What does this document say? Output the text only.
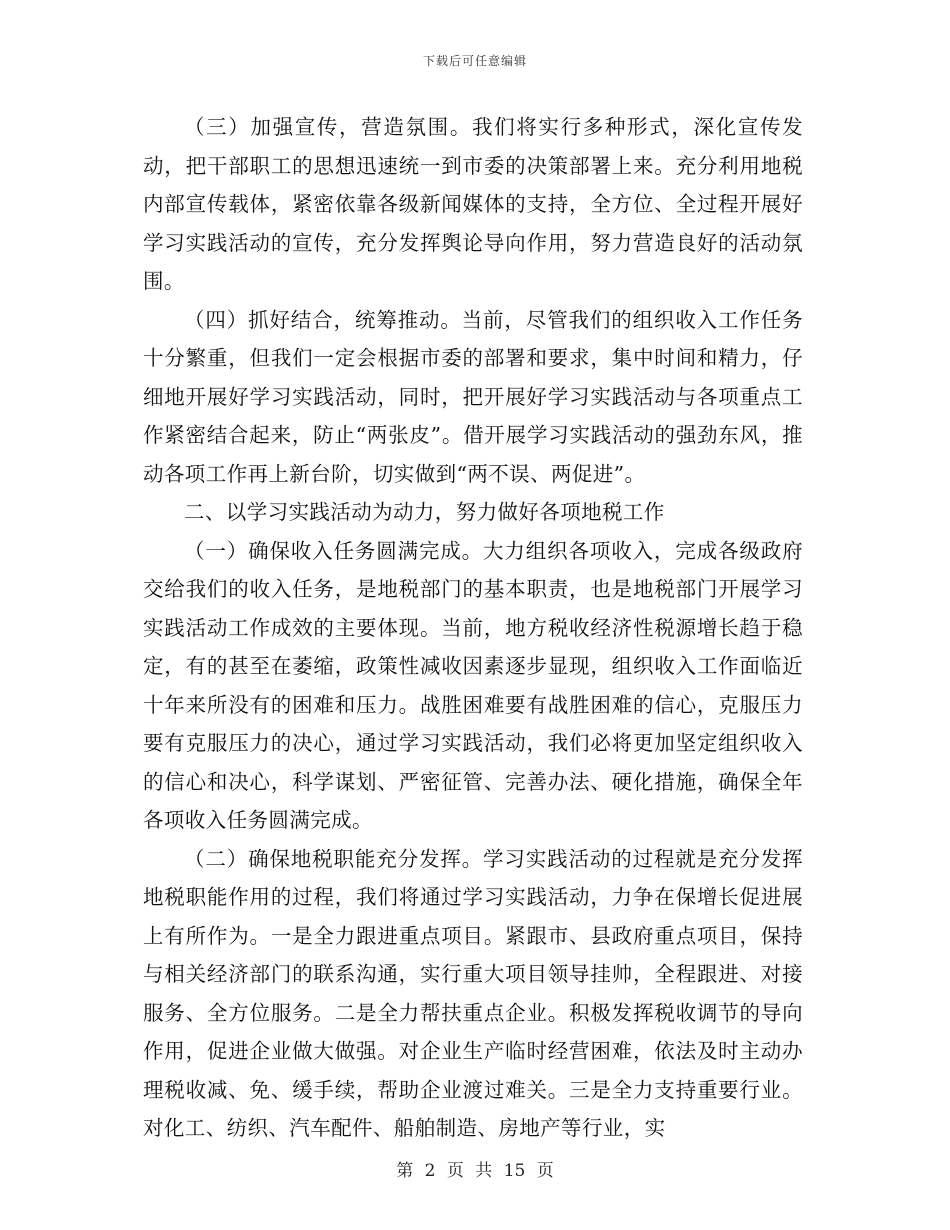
下载后可任意编辑

（三）加强宣传，营造氛围。我们将实行多种形式，深化宣传发动，把干部职工的思想迅速统一到市委的决策部署上来。充分利用地税内部宣传载体，紧密依靠各级新闻媒体的支持，全方位、全过程开展好学习实践活动的宣传，充分发挥舆论导向作用，努力营造良好的活动氛围。

（四）抓好结合，统筹推动。当前，尽管我们的组织收入工作任务十分繁重，但我们一定会根据市委的部署和要求，集中时间和精力，仔细地开展好学习实践活动，同时，把开展好学习实践活动与各项重点工作紧密结合起来，防止“两张皮”。借开展学习实践活动的强劲东风，推动各项工作再上新台阶，切实做到“两不误、两促进”。

二、以学习实践活动为动力，努力做好各项地税工作

（一）确保收入任务圆满完成。大力组织各项收入，完成各级政府交给我们的收入任务，是地税部门的基本职责，也是地税部门开展学习实践活动工作成效的主要体现。当前，地方税收经济性税源增长趋于稳定，有的甚至在萎缩，政策性减收因素逐步显现，组织收入工作面临近十年来所没有的困难和压力。战胜困难要有战胜困难的信心，克服压力要有克服压力的决心，通过学习实践活动，我们必将更加坚定组织收入的信心和决心，科学谋划、严密征管、完善办法、硬化措施，确保全年各项收入任务圆满完成。

（二）确保地税职能充分发挥。学习实践活动的过程就是充分发挥地税职能作用的过程，我们将通过学习实践活动，力争在保增长促进展上有所作为。一是全力跟进重点项目。紧跟市、县政府重点项目，保持与相关经济部门的联系沟通，实行重大项目领导挂帅，全程跟进、对接服务、全方位服务。二是全力帮扶重点企业。积极发挥税收调节的导向作用，促进企业做大做强。对企业生产临时经营困难，依法及时主动办理税收减、免、缓手续，帮助企业渡过难关。三是全力支持重要行业。对化工、纺织、汽车配件、船舶制造、房地产等行业，实

第 2 页 共 15 页
